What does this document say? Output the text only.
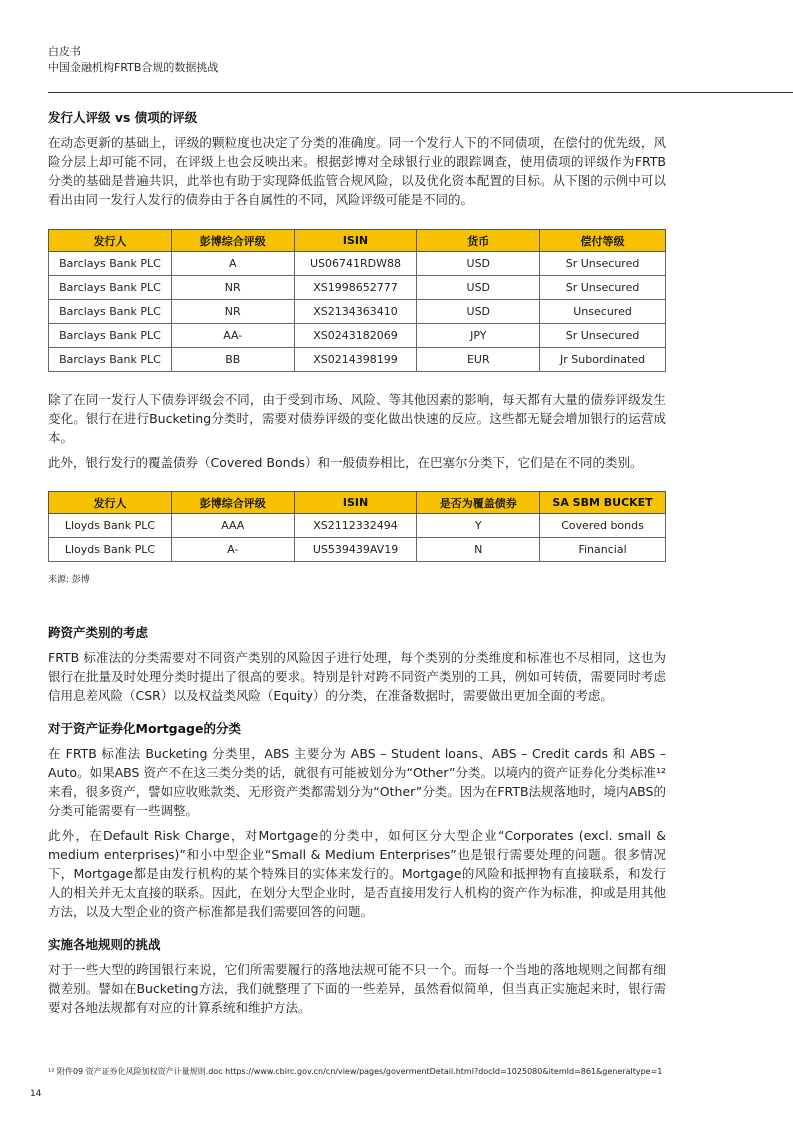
白皮书
中国金融机构FRTB合规的数据挑战
发行人评级 vs 债项的评级

在动态更新的基础上，评级的颗粒度也决定了分类的准确度。同一个发行人下的不同债项，在偿付的优先级，风险分层上却可能不同，在评级上也会反映出来。根据彭博对全球银行业的跟踪调查，使用债项的评级作为FRTB分类的基础是普遍共识，此举也有助于实现降低监管合规风险，以及优化资本配置的目标。从下图的示例中可以看出由同一发行人发行的债券由于各自属性的不同，风险评级可能是不同的。

发行人	彭博综合评级	ISIN	货币	偿付等级
Barclays Bank PLC	A	US06741RDW88	USD	Sr Unsecured
Barclays Bank PLC	NR	XS1998652777	USD	Sr Unsecured
Barclays Bank PLC	NR	XS2134363410	USD	Unsecured
Barclays Bank PLC	AA-	XS0243182069	JPY	Sr Unsecured
Barclays Bank PLC	BB	XS0214398199	EUR	Jr Subordinated

除了在同一发行人下债券评级会不同，由于受到市场、风险、等其他因素的影响，每天都有大量的债券评级发生变化。银行在进行Bucketing分类时，需要对债券评级的变化做出快速的反应。这些都无疑会增加银行的运营成本。

此外，银行发行的覆盖债券（Covered Bonds）和一般债券相比，在巴塞尔分类下，它们是在不同的类别。

发行人	彭博综合评级	ISIN	是否为覆盖债券	SA SBM BUCKET
Lloyds Bank PLC	AAA	XS2112332494	Y	Covered bonds
Lloyds Bank PLC	A-	US539439AV19	N	Financial
来源: 彭博
跨资产类别的考虑

FRTB 标准法的分类需要对不同资产类别的风险因子进行处理，每个类别的分类维度和标准也不尽相同，这也为银行在批量及时处理分类时提出了很高的要求。特别是针对跨不同资产类别的工具，例如可转债，需要同时考虑信用息差风险（CSR）以及权益类风险（Equity）的分类，在准备数据时，需要做出更加全面的考虑。

对于资产证券化Mortgage的分类

在 FRTB 标准法 Bucketing 分类里，ABS 主要分为 ABS – Student loans、ABS – Credit cards 和 ABS – Auto。如果ABS 资产不在这三类分类的话，就很有可能被划分为“Other”分类。以境内的资产证券化分类标准¹² 来看，很多资产，譬如应收账款类、无形资产类都需划分为“Other”分类。因为在FRTB法规落地时，境内ABS的分类可能需要有一些调整。

此外，在Default Risk Charge，对Mortgage的分类中，如何区分大型企业“Corporates (excl. small & medium enterprises)”和小中型企业“Small & Medium Enterprises”也是银行需要处理的问题。很多情况下，Mortgage都是由发行机构的某个特殊目的实体来发行的。Mortgage的风险和抵押物有直接联系，和发行人的相关并无太直接的联系。因此，在划分大型企业时，是否直接用发行人机构的资产作为标准，抑或是用其他方法，以及大型企业的资产标准都是我们需要回答的问题。

实施各地规则的挑战

对于一些大型的跨国银行来说，它们所需要履行的落地法规可能不只一个。而每一个当地的落地规则之间都有细微差别。譬如在Bucketing方法，我们就整理了下面的一些差异，虽然看似简单，但当真正实施起来时，银行需要对各地法规都有对应的计算系统和维护方法。

¹² 附件09 资产证券化风险加权资产计量规则.doc https://www.cbirc.gov.cn/cn/view/pages/govermentDetail.html?docId=1025080&itemId=861&generaltype=1
14
